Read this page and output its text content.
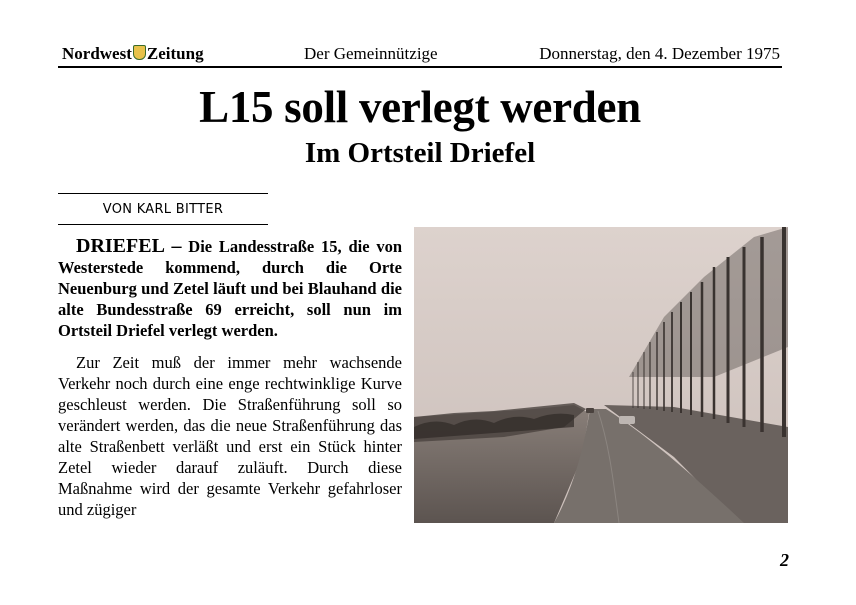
Nordwest Zeitung	Der Gemeinnützige	Donnerstag, den 4. Dezember 1975
L15 soll verlegt werden
Im Ortsteil Driefel
VON KARL BITTER

DRIEFEL – Die Landesstraße 15, die von Westerstede kommend, durch die Orte Neuenburg und Zetel läuft und bei Blauhand die alte Bundesstraße 69 erreicht, soll nun im Ortsteil Driefel verlegt werden.

Zur Zeit muß der immer mehr wachsende Verkehr noch durch eine enge rechtwinklige Kurve geschleust werden. Die Straßenführung soll so verändert werden, das die neue Straßenführung das alte Straßenbett verläßt und erst ein Stück hinter Zetel wieder darauf zuläuft. Durch diese Maßnahme wird der gesamte Verkehr gefahrloser und zügiger

2
